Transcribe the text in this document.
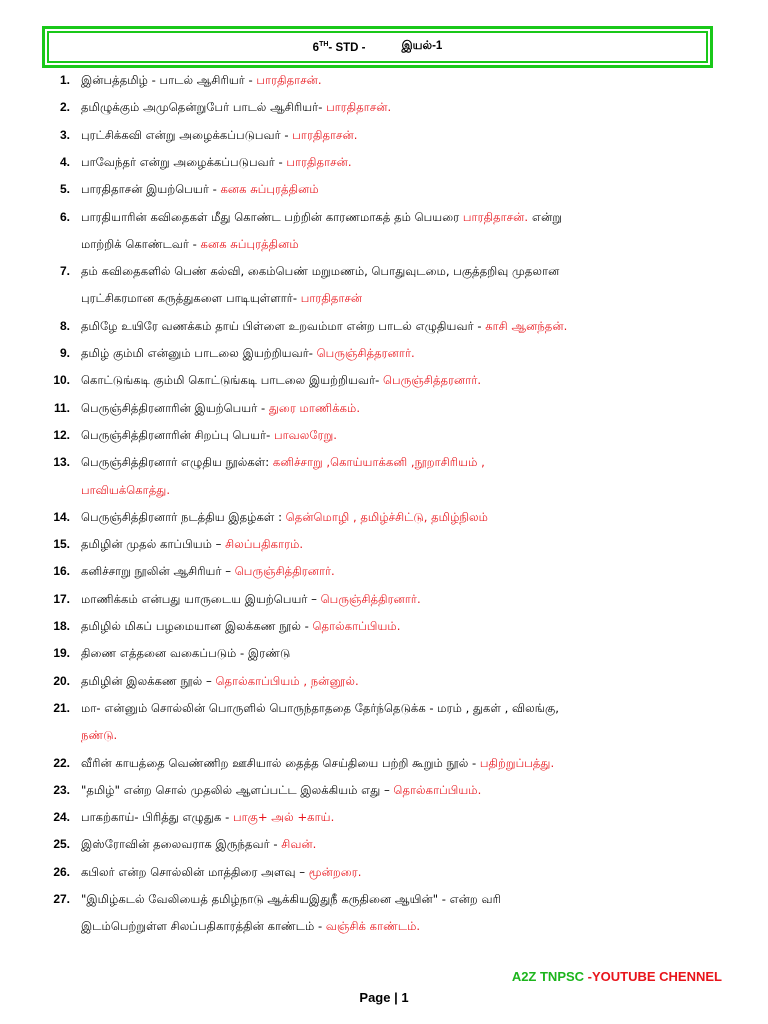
6TH- STD -	இயல்-1
1. இன்பத்தமிழ் - பாடல் ஆசிரியர் - பாரதிதாசன்.
2. தமிழுக்கும் அமுதென்றுபேர் பாடல் ஆசிரியர்- பாரதிதாசன்.
3. புரட்சிக்கவி என்று அழைக்கப்படுபவர் - பாரதிதாசன்.
4. பாவேந்தர் என்று அழைக்கப்படுபவர் - பாரதிதாசன்.
5. பாரதிதாசன் இயற்பெயர் - கனக சுப்புரத்தினம்
6. பாரதியாரின் கவிதைகள் மீது கொண்ட பற்றின் காரணமாகத் தம் பெயரை பாரதிதாசன். என்று
மாற்றிக் கொண்டவர் - கனக சுப்புரத்தினம்
7. தம் கவிதைகளில் பெண் கல்வி, கைம்பெண் மறுமணம், பொதுவுடமை, பகுத்தறிவு முதலான
புரட்சிகரமான கருத்துகளை பாடியுள்ளார்- பாரதிதாசன்
8. தமிழே உயிரே வணக்கம் தாய் பிள்ளை உறவம்மா என்ற பாடல் எழுதியவர் - காசி ஆனந்தன்.
9. தமிழ் கும்மி என்னும் பாடலை இயற்றியவர்- பெருஞ்சித்தரனார்.
10. கொட்டுங்கடி கும்மி கொட்டுங்கடி பாடலை இயற்றியவர்- பெருஞ்சித்தரனார்.
11. பெருஞ்சித்திரனாரின் இயற்பெயர் - துரை மாணிக்கம்.
12. பெருஞ்சித்திரனாரின் சிறப்பு பெயர்- பாவலரேறு.
13. பெருஞ்சித்திரனார் எழுதிய நூல்கள்: கனிச்சாறு ,கொய்யாக்கனி ,நூறாசிரியம் ,
பாவியக்கொத்து.
14. பெருஞ்சித்திரனார் நடத்திய இதழ்கள் : தென்மொழி , தமிழ்ச்சிட்டு, தமிழ்நிலம்
15. தமிழின் முதல் காப்பியம் – சிலப்பதிகாரம்.
16. கனிச்சாறு நூலின் ஆசிரியர் – பெருஞ்சித்திரனார்.
17. மாணிக்கம் என்பது யாருடைய இயற்பெயர் – பெருஞ்சித்திரனார்.
18. தமிழில் மிகப் பழமையான இலக்கண நூல் - தொல்காப்பியம்.
19. திணை எத்தனை வகைப்படும் - இரண்டு
20. தமிழின் இலக்கண நூல் – தொல்காப்பியம் , நன்னூல்.
21. மா- என்னும் சொல்லின் பொருளில் பொருந்தாததை தேர்ந்தெடுக்க - மரம் , துகள் , விலங்கு,
நண்டு.
22. வீரின் காயத்தை வெண்ணிற ஊசியால் தைத்த செய்தியை பற்றி கூறும் நூல் - பதிற்றுப்பத்து.
23. "தமிழ்" என்ற சொல் முதலில் ஆளப்பட்ட இலக்கியம் எது – தொல்காப்பியம்.
24. பாகற்காய்- பிரித்து எழுதுக - பாகு+ அல் +காய்.
25. இஸ்ரோவின் தலைவராக இருந்தவர் - சிவன்.
26. கபிலர் என்ற சொல்லின் மாத்திரை அளவு – மூன்றரை.
27. "இமிழ்கடல் வேலியைத் தமிழ்நாடு ஆக்கியஇதுநீ கருதினை ஆயின்" - என்ற வரி
இடம்பெற்றுள்ள சிலப்பதிகாரத்தின் காண்டம் - வஞ்சிக் காண்டம்.
A2Z TNPSC -YOUTUBE CHENNEL
Page | 1
